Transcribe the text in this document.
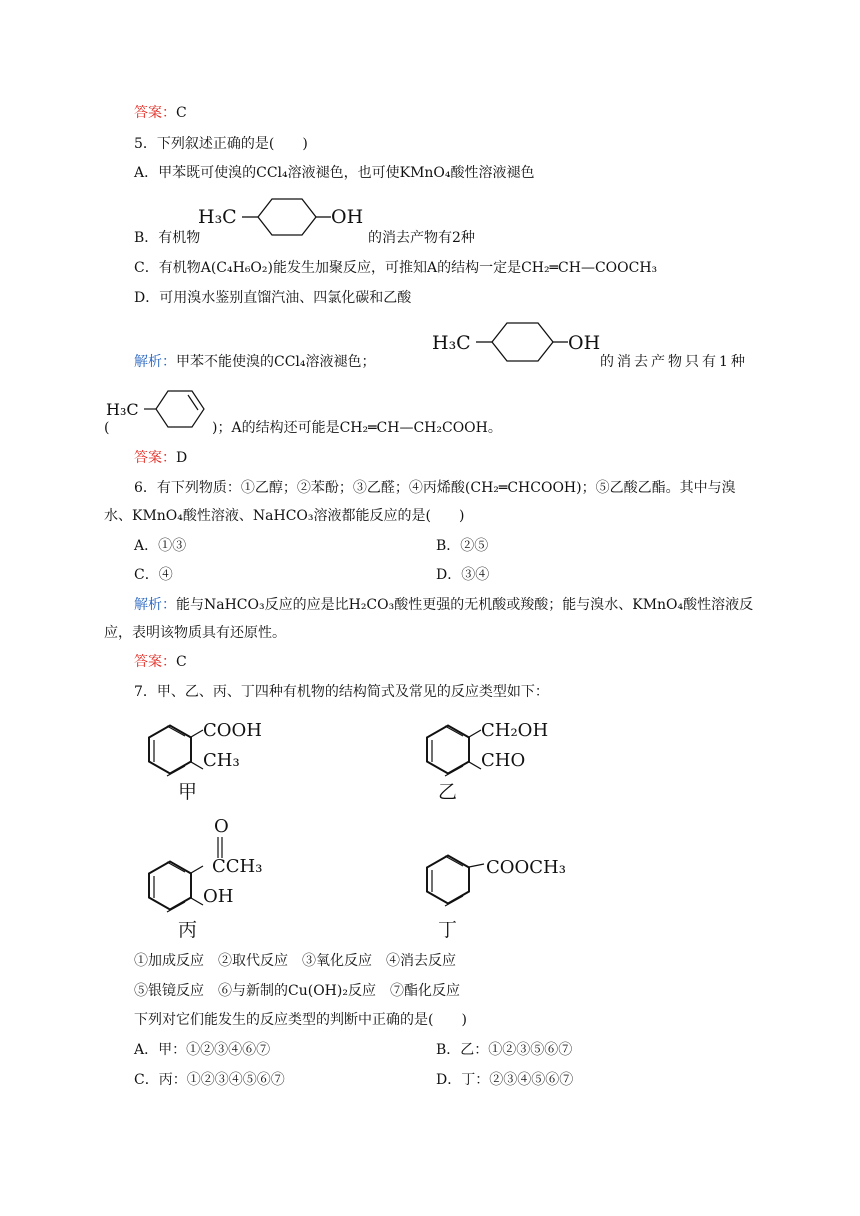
答案：C
5．下列叙述正确的是(　　)
A．甲苯既可使溴的CCl₄溶液褪色，也可使KMnO₄酸性溶液褪色
H₃C	OH
B．有机物	的消去产物有2种
C．有机物A(C₄H₆O₂)能发生加聚反应，可推知A的结构一定是CH₂═CH—COOCH₃
D．可用溴水鉴别直馏汽油、四氯化碳和乙酸
解析：甲苯不能使溴的CCl₄溶液褪色；
H₃C	OH
的消去产物只有1种
H₃C
(	)；A的结构还可能是CH₂═CH—CH₂COOH。
答案：D
6．有下列物质：①乙醇；②苯酚；③乙醛；④丙烯酸(CH₂═CHCOOH)；⑤乙酸乙酯。其中与溴
水、KMnO₄酸性溶液、NaHCO₃溶液都能反应的是(　　)
A．①③	B．②⑤
C．④	D．③④
解析：能与NaHCO₃反应的应是比H₂CO₃酸性更强的无机酸或羧酸；能与溴水、KMnO₄酸性溶液反
应，表明该物质具有还原性。
答案：C
7．甲、乙、丙、丁四种有机物的结构简式及常见的反应类型如下：
COOH
CH₃
甲
CH₂OH
CHO
乙
O
CCH₃
OH
丙
COOCH₃
丁
①加成反应　②取代反应　③氧化反应　④消去反应
⑤银镜反应　⑥与新制的Cu(OH)₂反应　⑦酯化反应
下列对它们能发生的反应类型的判断中正确的是(　　)
A．甲：①②③④⑥⑦	B．乙：①②③⑤⑥⑦
C．丙：①②③④⑤⑥⑦	D．丁：②③④⑤⑥⑦
